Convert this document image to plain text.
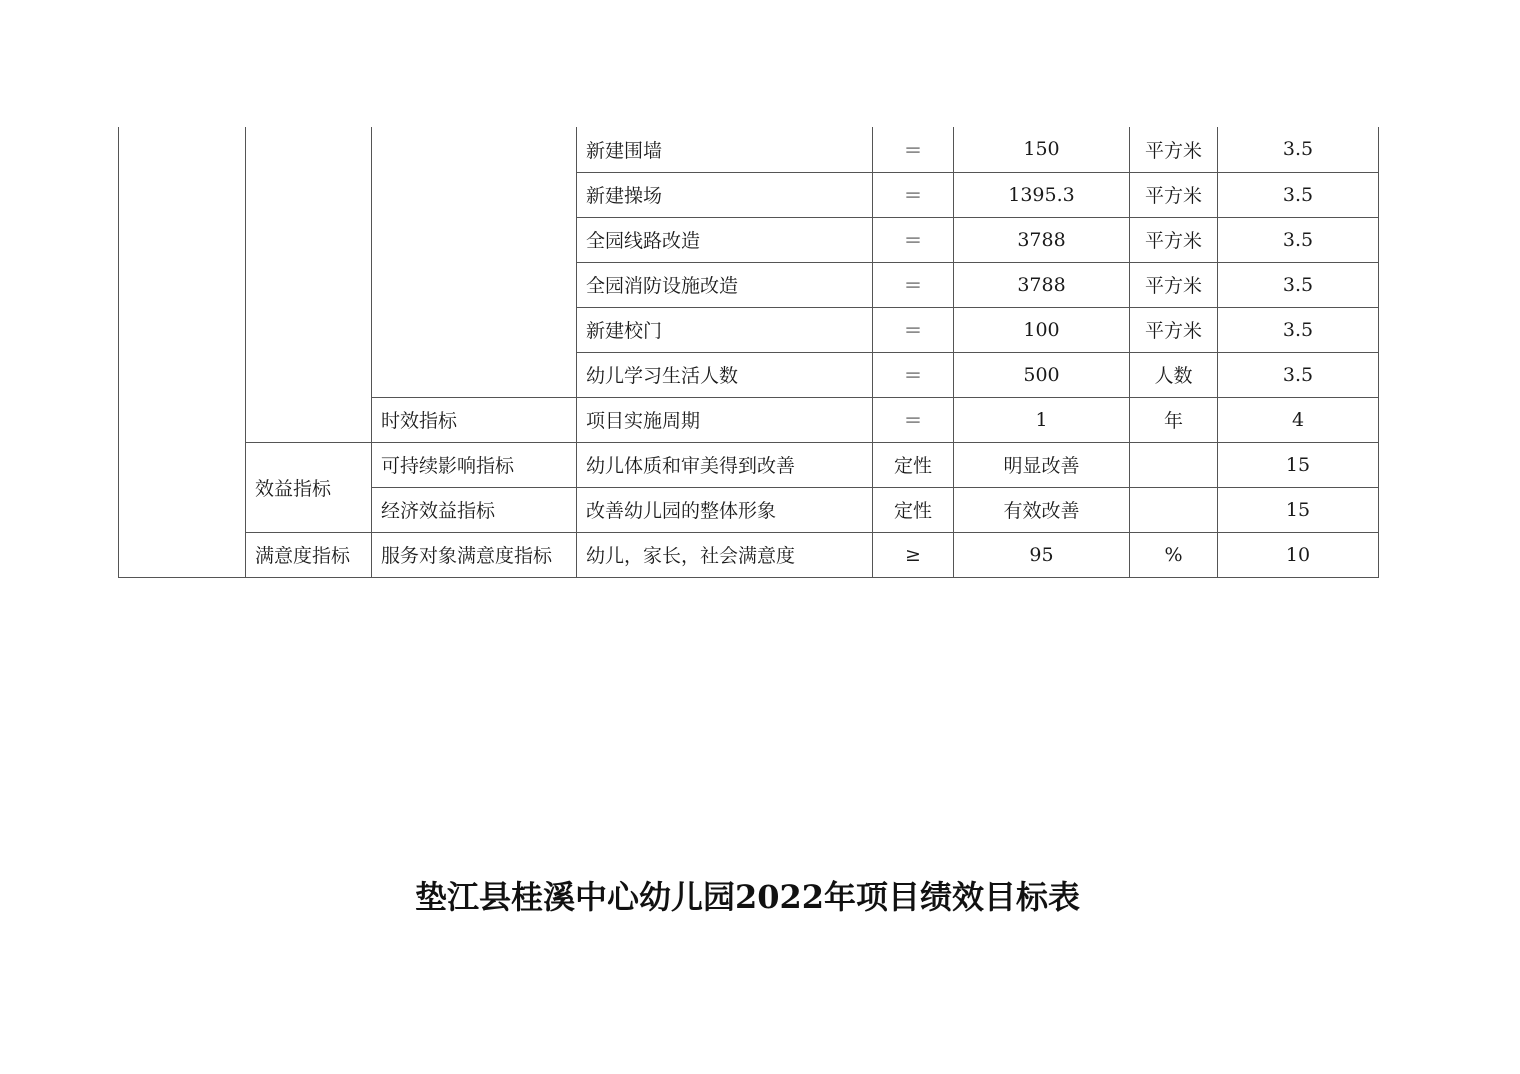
			新建围墙	＝	150	平方米	3.5
			新建操场	＝	1395.3	平方米	3.5
			全园线路改造	＝	3788	平方米	3.5
			全园消防设施改造	＝	3788	平方米	3.5
			新建校门	＝	100	平方米	3.5
			幼儿学习生活人数	＝	500	人数	3.5
		时效指标	项目实施周期	＝	1	年	4
	效益指标	可持续影响指标	幼儿体质和审美得到改善	定性	明显改善		15
		经济效益指标	改善幼儿园的整体形象	定性	有效改善		15
	满意度指标	服务对象满意度指标	幼儿，家长，社会满意度	≥	95	%	10
垫江县桂溪中心幼儿园2022年项目绩效目标表
